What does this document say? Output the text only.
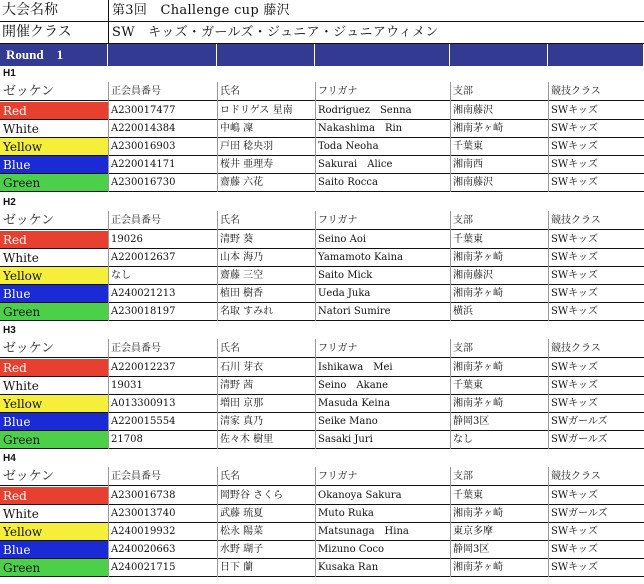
大会名称	第3回　Challenge cup 藤沢
開催クラス	SW　キッズ・ガールズ・ジュニア・ジュニアウィメン
Round　1
H1
ゼッケン	正会員番号	氏名	フリガナ	支部	競技クラス
Red	A230017477	ロドリゲス 星南	Rodriguez　Senna	湘南藤沢	SWキッズ
White	A220014384	中嶋 凜	Nakashima　Rin	湘南茅ヶ崎	SWキッズ
Yellow	A230016903	戸田 稔央羽	Toda Neoha	千葉東	SWキッズ
Blue	A220014171	桜井 亜理寿	Sakurai　Alice	湘南西	SWキッズ
Green	A230016730	齋藤 六花	Saito Rocca	湘南藤沢	SWキッズ
H2
ゼッケン	正会員番号	氏名	フリガナ	支部	競技クラス
Red	19026	清野 葵	Seino Aoi	千葉東	SWキッズ
White	A220012637	山本 海乃	Yamamoto Kaina	湘南茅ヶ崎	SWキッズ
Yellow	なし	齋藤 三空	Saito Mick	湘南藤沢	SWキッズ
Blue	A240021213	植田 樹香	Ueda Juka	湘南茅ヶ崎	SWキッズ
Green	A230018197	名取 すみれ	Natori Sumire	横浜	SWキッズ
H3
ゼッケン	正会員番号	氏名	フリガナ	支部	競技クラス
Red	A220012237	石川 芽衣	Ishikawa　Mei	湘南茅ヶ崎	SWキッズ
White	19031	清野 茜	Seino　Akane	千葉東	SWキッズ
Yellow	A013300913	増田 京那	Masuda Keina	湘南茅ヶ崎	SWキッズ
Blue	A220015554	清家 真乃	Seike Mano	静岡3区	SWガールズ
Green	21708	佐々木 樹里	Sasaki Juri	なし	SWガールズ
H4
ゼッケン	正会員番号	氏名	フリガナ	支部	競技クラス
Red	A230016738	岡野谷 さくら	Okanoya Sakura	千葉東	SWキッズ
White	A230013740	武藤 琉夏	Muto Ruka	湘南茅ヶ崎	SWガールズ
Yellow	A240019932	松永 陽菜	Matsunaga　Hina	東京多摩	SWキッズ
Blue	A240020663	水野 瑚子	Mizuno Coco	静岡3区	SWキッズ
Green	A240021715	日下 蘭	Kusaka Ran	湘南茅ヶ崎	SWキッズ
